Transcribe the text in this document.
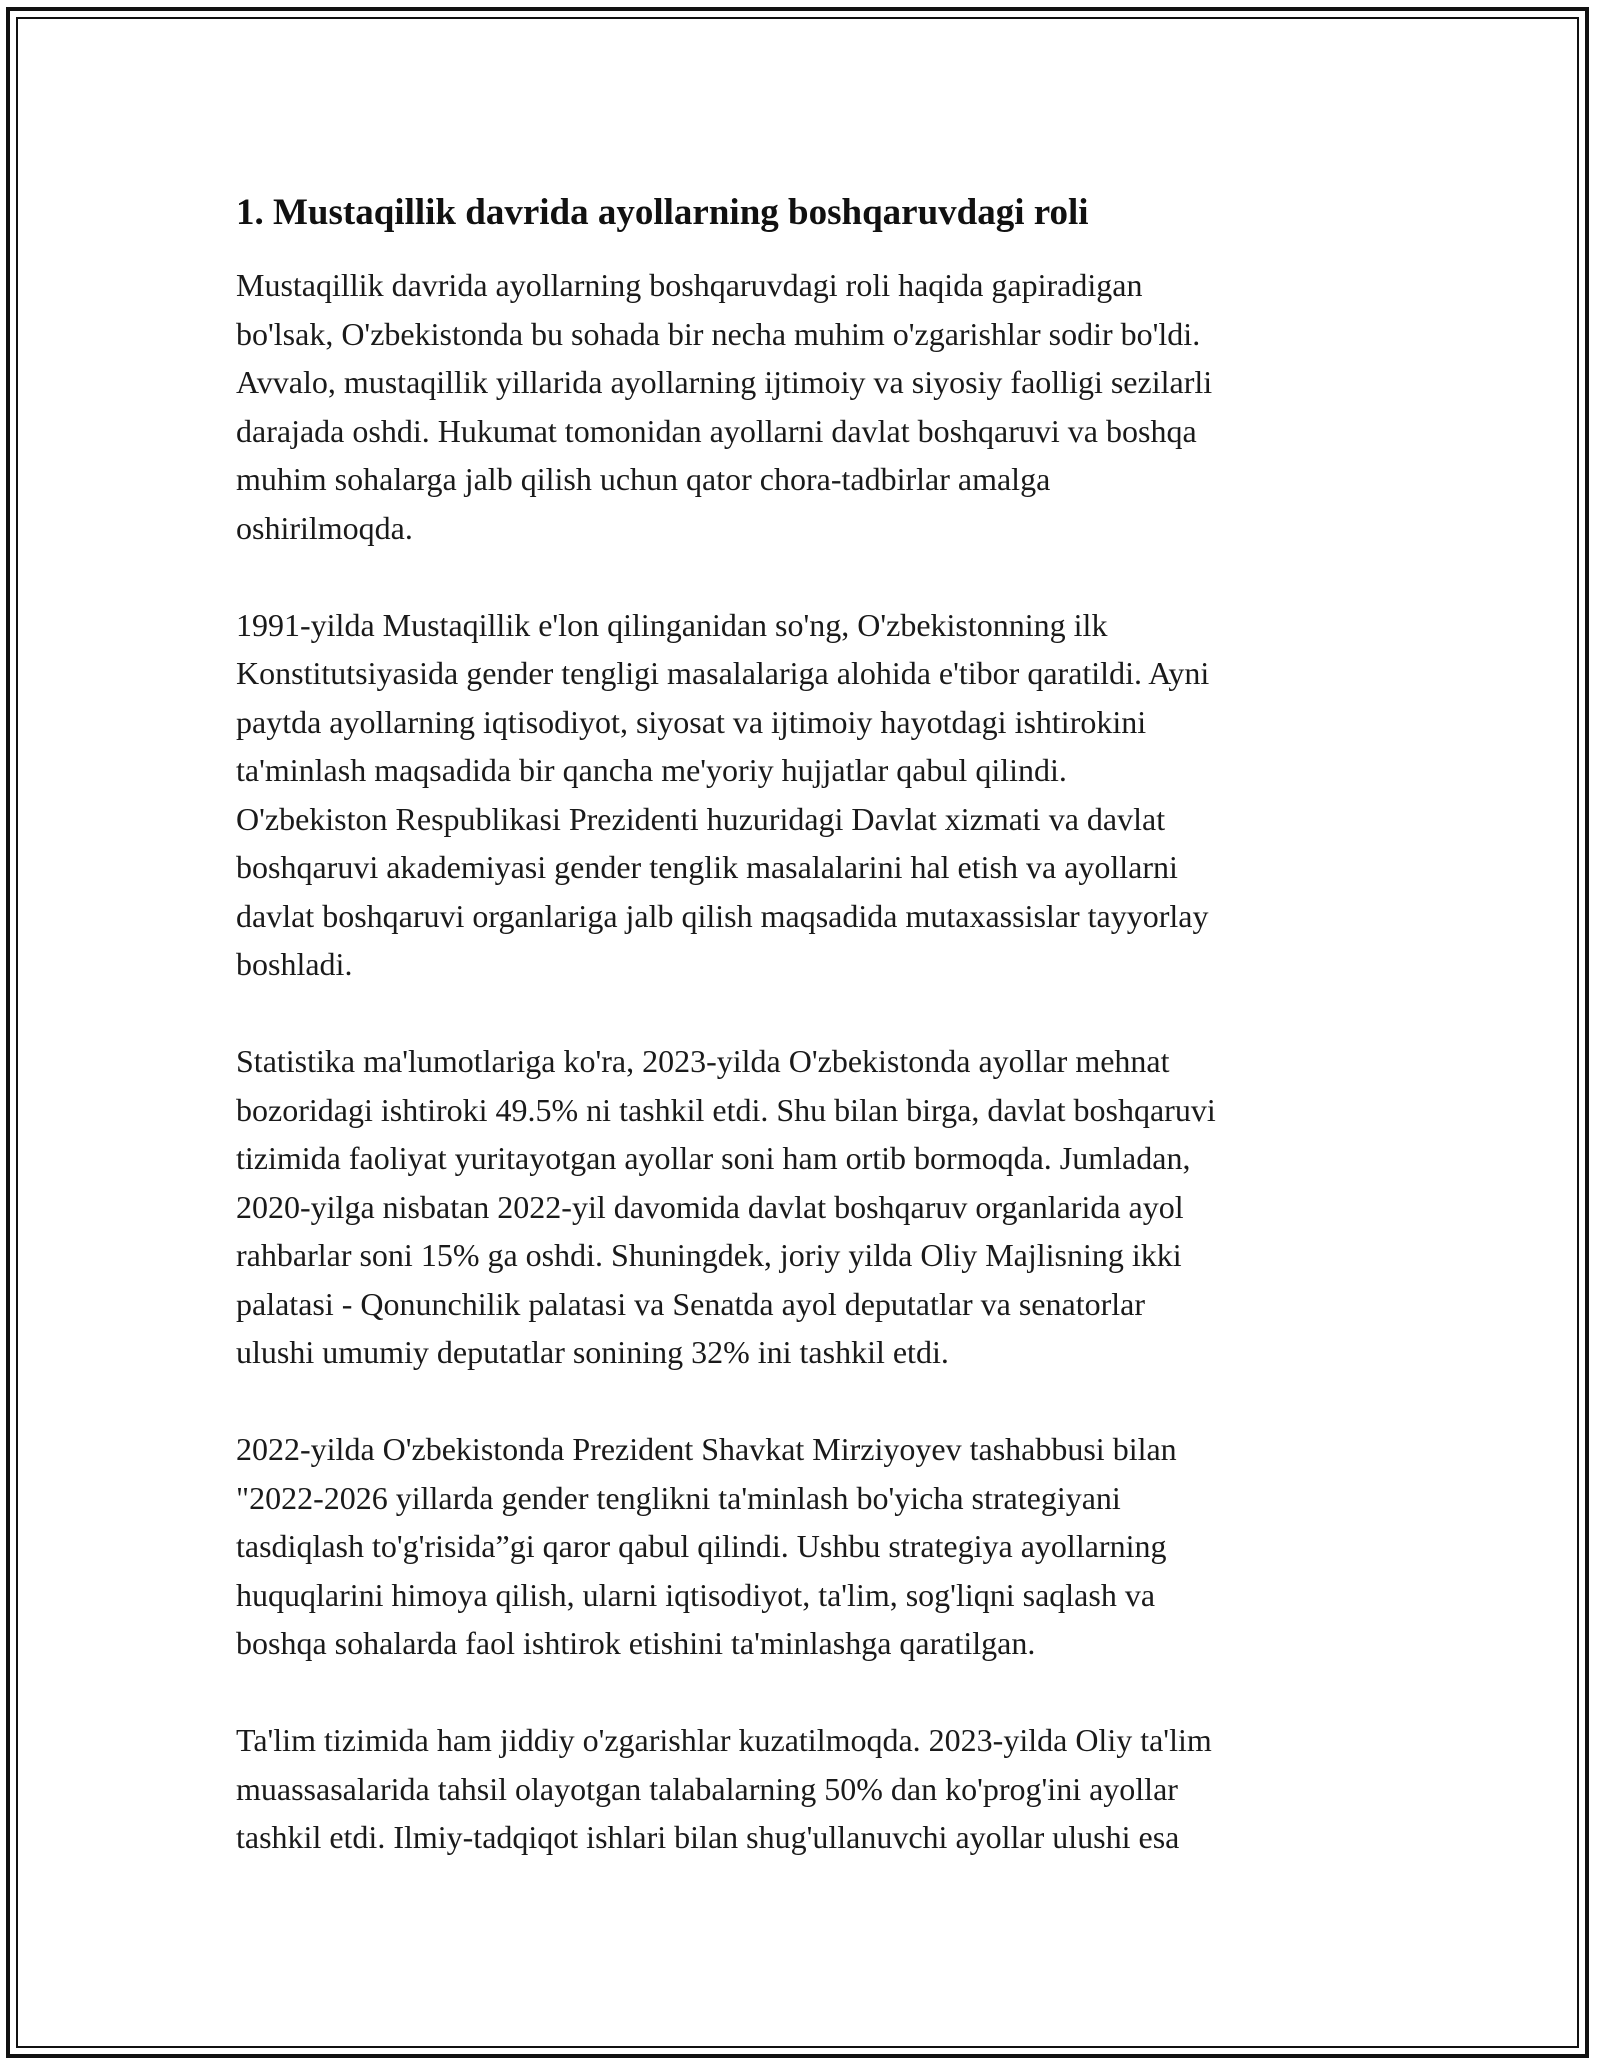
1. Mustaqillik davrida ayollarning boshqaruvdagi roli

Mustaqillik davrida ayollarning boshqaruvdagi roli haqida gapiradigan
bo'lsak, O'zbekistonda bu sohada bir necha muhim o'zgarishlar sodir bo'ldi.
Avvalo, mustaqillik yillarida ayollarning ijtimoiy va siyosiy faolligi sezilarli
darajada oshdi. Hukumat tomonidan ayollarni davlat boshqaruvi va boshqa
muhim sohalarga jalb qilish uchun qator chora-tadbirlar amalga
oshirilmoqda.

1991-yilda Mustaqillik e'lon qilinganidan so'ng, O'zbekistonning ilk
Konstitutsiyasida gender tengligi masalalariga alohida e'tibor qaratildi. Ayni
paytda ayollarning iqtisodiyot, siyosat va ijtimoiy hayotdagi ishtirokini
ta'minlash maqsadida bir qancha me'yoriy hujjatlar qabul qilindi.
O'zbekiston Respublikasi Prezidenti huzuridagi Davlat xizmati va davlat
boshqaruvi akademiyasi gender tenglik masalalarini hal etish va ayollarni
davlat boshqaruvi organlariga jalb qilish maqsadida mutaxassislar tayyorlay
boshladi.

Statistika ma'lumotlariga ko'ra, 2023-yilda O'zbekistonda ayollar mehnat
bozoridagi ishtiroki 49.5% ni tashkil etdi. Shu bilan birga, davlat boshqaruvi
tizimida faoliyat yuritayotgan ayollar soni ham ortib bormoqda. Jumladan,
2020-yilga nisbatan 2022-yil davomida davlat boshqaruv organlarida ayol
rahbarlar soni 15% ga oshdi. Shuningdek, joriy yilda Oliy Majlisning ikki
palatasi - Qonunchilik palatasi va Senatda ayol deputatlar va senatorlar
ulushi umumiy deputatlar sonining 32% ini tashkil etdi.

2022-yilda O'zbekistonda Prezident Shavkat Mirziyoyev tashabbusi bilan
"2022-2026 yillarda gender tenglikni ta'minlash bo'yicha strategiyani
tasdiqlash to'g'risida”gi qaror qabul qilindi. Ushbu strategiya ayollarning
huquqlarini himoya qilish, ularni iqtisodiyot, ta'lim, sog'liqni saqlash va
boshqa sohalarda faol ishtirok etishini ta'minlashga qaratilgan.

Ta'lim tizimida ham jiddiy o'zgarishlar kuzatilmoqda. 2023-yilda Oliy ta'lim
muassasalarida tahsil olayotgan talabalarning 50% dan ko'prog'ini ayollar
tashkil etdi. Ilmiy-tadqiqot ishlari bilan shug'ullanuvchi ayollar ulushi esa
